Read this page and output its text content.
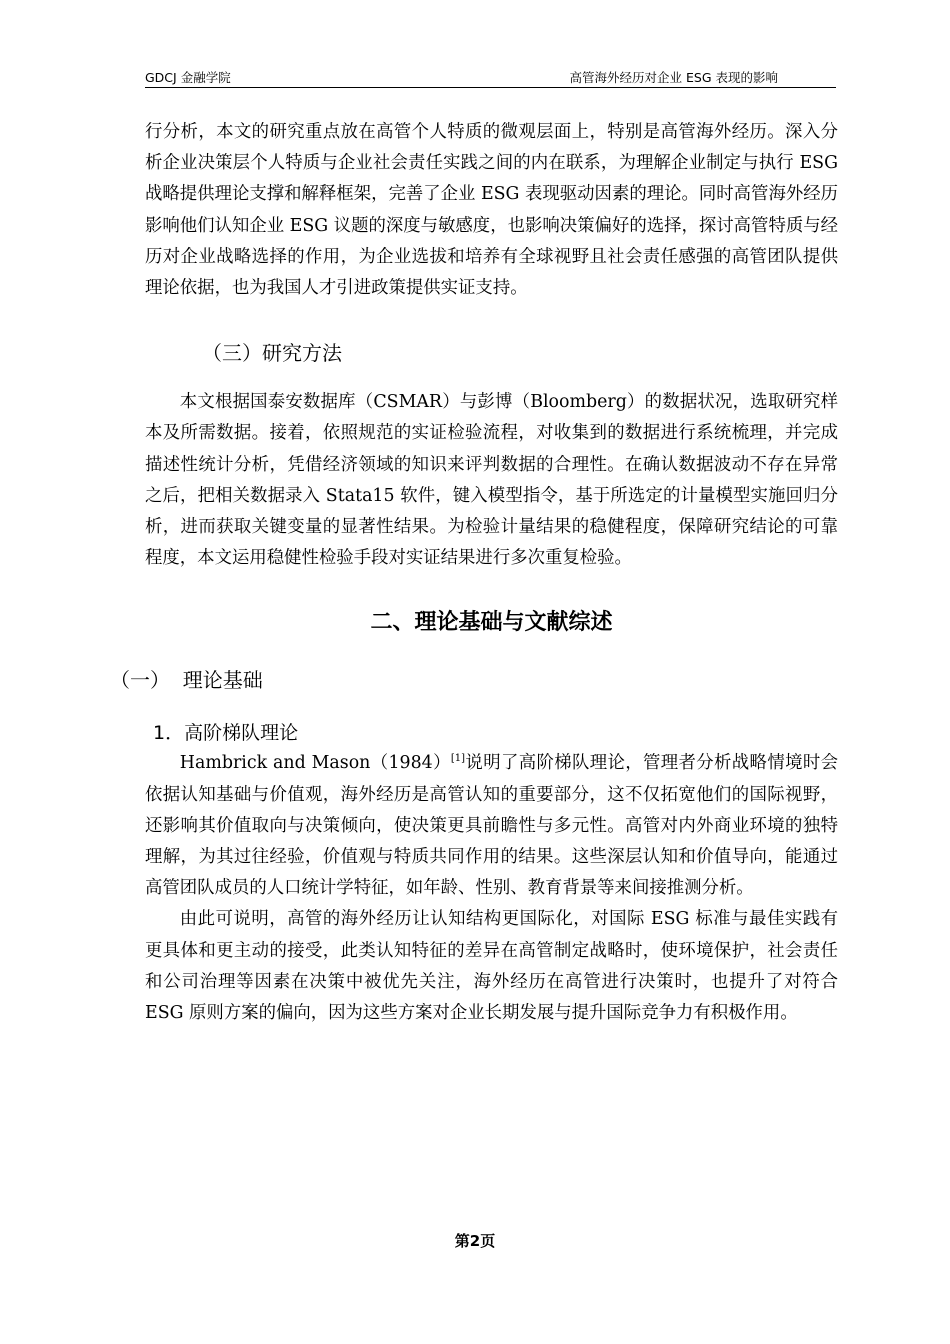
GDCJ 金融学院	高管海外经历对企业 ESG 表现的影响

行分析，本文的研究重点放在高管个人特质的微观层面上，特别是高管海外经历。深入分析企业决策层个人特质与企业社会责任实践之间的内在联系，为理解企业制定与执行 ESG 战略提供理论支撑和解释框架，完善了企业 ESG 表现驱动因素的理论。同时高管海外经历影响他们认知企业 ESG 议题的深度与敏感度，也影响决策偏好的选择，探讨高管特质与经历对企业战略选择的作用，为企业选拔和培养有全球视野且社会责任感强的高管团队提供理论依据，也为我国人才引进政策提供实证支持。

（三）研究方法

本文根据国泰安数据库（CSMAR）与彭博（Bloomberg）的数据状况，选取研究样本及所需数据。接着，依照规范的实证检验流程，对收集到的数据进行系统梳理，并完成描述性统计分析，凭借经济领域的知识来评判数据的合理性。在确认数据波动不存在异常之后，把相关数据录入 Stata15 软件，键入模型指令，基于所选定的计量模型实施回归分析，进而获取关键变量的显著性结果。为检验计量结果的稳健程度，保障研究结论的可靠程度，本文运用稳健性检验手段对实证结果进行多次重复检验。

二、理论基础与文献综述
（一）  理论基础
1．高阶梯队理论

Hambrick and Mason（1984）[1]说明了高阶梯队理论，管理者分析战略情境时会依据认知基础与价值观，海外经历是高管认知的重要部分，这不仅拓宽他们的国际视野，还影响其价值取向与决策倾向，使决策更具前瞻性与多元性。高管对内外商业环境的独特理解，为其过往经验，价值观与特质共同作用的结果。这些深层认知和价值导向，能通过高管团队成员的人口统计学特征，如年龄、性别、教育背景等来间接推测分析。

由此可说明，高管的海外经历让认知结构更国际化，对国际 ESG 标准与最佳实践有更具体和更主动的接受，此类认知特征的差异在高管制定战略时，使环境保护，社会责任和公司治理等因素在决策中被优先关注，海外经历在高管进行决策时，也提升了对符合 ESG 原则方案的偏向，因为这些方案对企业长期发展与提升国际竞争力有积极作用。

第2页
